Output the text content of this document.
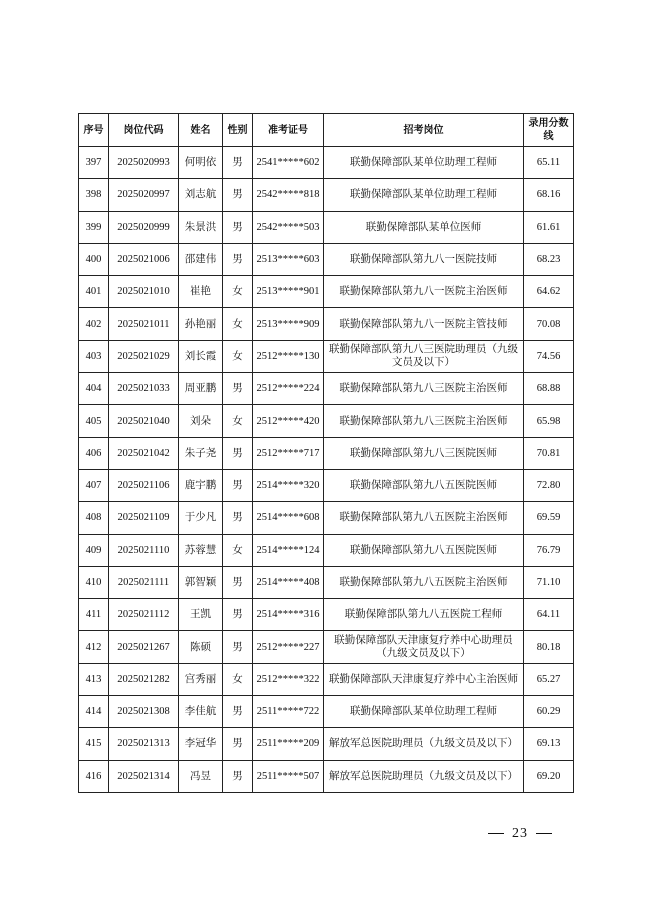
序号	岗位代码	姓名	性别	准考证号	招考岗位	录用分数线
397	2025020993	何明依	男	2541*****602	联勤保障部队某单位助理工程师	65.11
398	2025020997	刘志航	男	2542*****818	联勤保障部队某单位助理工程师	68.16
399	2025020999	朱景洪	男	2542*****503	联勤保障部队某单位医师	61.61
400	2025021006	邵建伟	男	2513*****603	联勤保障部队第九八一医院技师	68.23
401	2025021010	崔艳	女	2513*****901	联勤保障部队第九八一医院主治医师	64.62
402	2025021011	孙艳丽	女	2513*****909	联勤保障部队第九八一医院主管技师	70.08
403	2025021029	刘长霞	女	2512*****130	联勤保障部队第九八三医院助理员（九级文员及以下）	74.56
404	2025021033	周亚鹏	男	2512*****224	联勤保障部队第九八三医院主治医师	68.88
405	2025021040	刘朵	女	2512*****420	联勤保障部队第九八三医院主治医师	65.98
406	2025021042	朱子尧	男	2512*****717	联勤保障部队第九八三医院医师	70.81
407	2025021106	鹿宇鹏	男	2514*****320	联勤保障部队第九八五医院医师	72.80
408	2025021109	于少凡	男	2514*****608	联勤保障部队第九八五医院主治医师	69.59
409	2025021110	苏蓉慧	女	2514*****124	联勤保障部队第九八五医院医师	76.79
410	2025021111	郭智颖	男	2514*****408	联勤保障部队第九八五医院主治医师	71.10
411	2025021112	王凯	男	2514*****316	联勤保障部队第九八五医院工程师	64.11
412	2025021267	陈硕	男	2512*****227	联勤保障部队天津康复疗养中心助理员（九级文员及以下）	80.18
413	2025021282	宫秀丽	女	2512*****322	联勤保障部队天津康复疗养中心主治医师	65.27
414	2025021308	李佳航	男	2511*****722	联勤保障部队某单位助理工程师	60.29
415	2025021313	李冠华	男	2511*****209	解放军总医院助理员（九级文员及以下）	69.13
416	2025021314	冯昱	男	2511*****507	解放军总医院助理员（九级文员及以下）	69.20
23
